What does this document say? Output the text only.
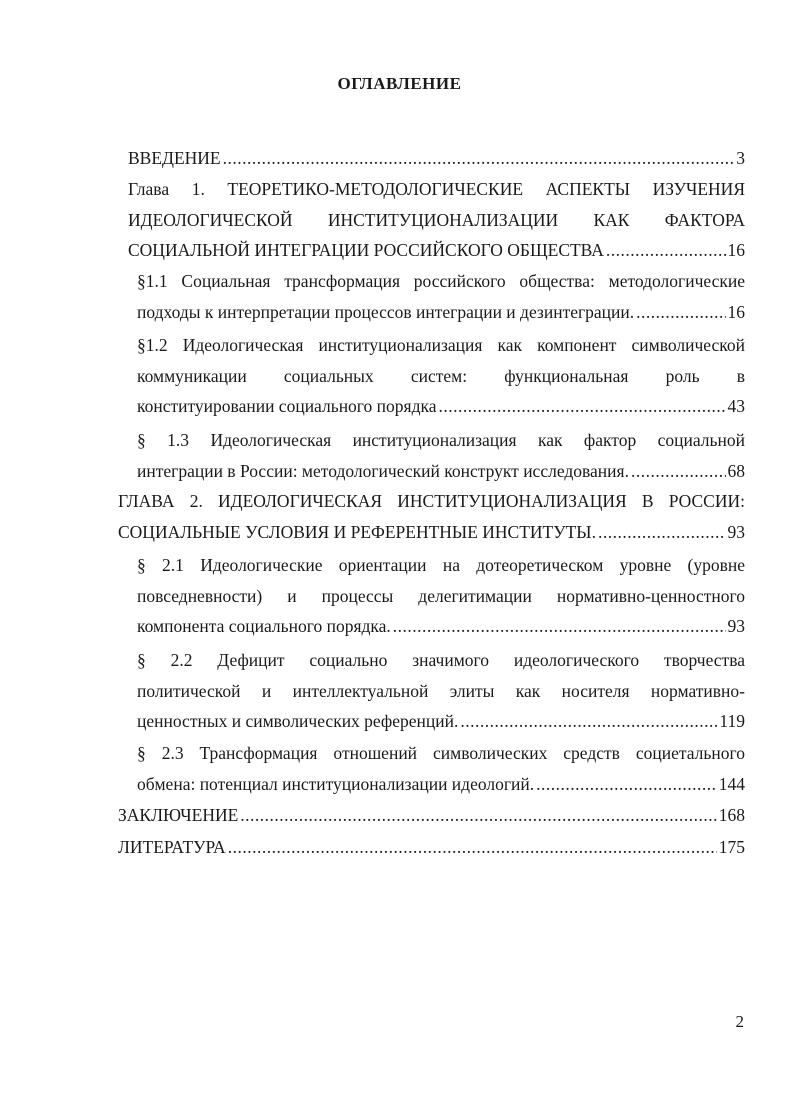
ОГЛАВЛЕНИЕ
ВВЕДЕНИЕ .....	3
Глава 1. ТЕОРЕТИКО-МЕТОДОЛОГИЧЕСКИЕ АСПЕКТЫ ИЗУЧЕНИЯ
ИДЕОЛОГИЧЕСКОЙ ИНСТИТУЦИОНАЛИЗАЦИИ КАК ФАКТОРА
СОЦИАЛЬНОЙ ИНТЕГРАЦИИ РОССИЙСКОГО ОБЩЕСТВА .....	16
§1.1 Социальная трансформация российского общества: методологические
подходы к интерпретации процессов интеграции и дезинтеграции. .....	16
§1.2 Идеологическая институционализация как компонент символической
коммуникации социальных систем: функциональная роль в
конституировании социального порядка .....	43
§ 1.3 Идеологическая институционализация как фактор социальной
интеграции в России: методологический конструкт исследования. .....	68
ГЛАВА 2. ИДЕОЛОГИЧЕСКАЯ ИНСТИТУЦИОНАЛИЗАЦИЯ В РОССИИ:
СОЦИАЛЬНЫЕ УСЛОВИЯ И РЕФЕРЕНТНЫЕ ИНСТИТУТЫ. .....	93
§ 2.1 Идеологические ориентации на дотеоретическом уровне (уровне
повседневности) и процессы делегитимации нормативно-ценностного
компонента социального порядка. .....	93
§ 2.2 Дефицит социально значимого идеологического творчества
политической и интеллектуальной элиты как носителя нормативно-
ценностных и символических референций. .....	119
§ 2.3 Трансформация отношений символических средств социетального
обмена: потенциал институционализации идеологий. .....	144
ЗАКЛЮЧЕНИЕ .....	168
ЛИТЕРАТУРА .....	175
2
